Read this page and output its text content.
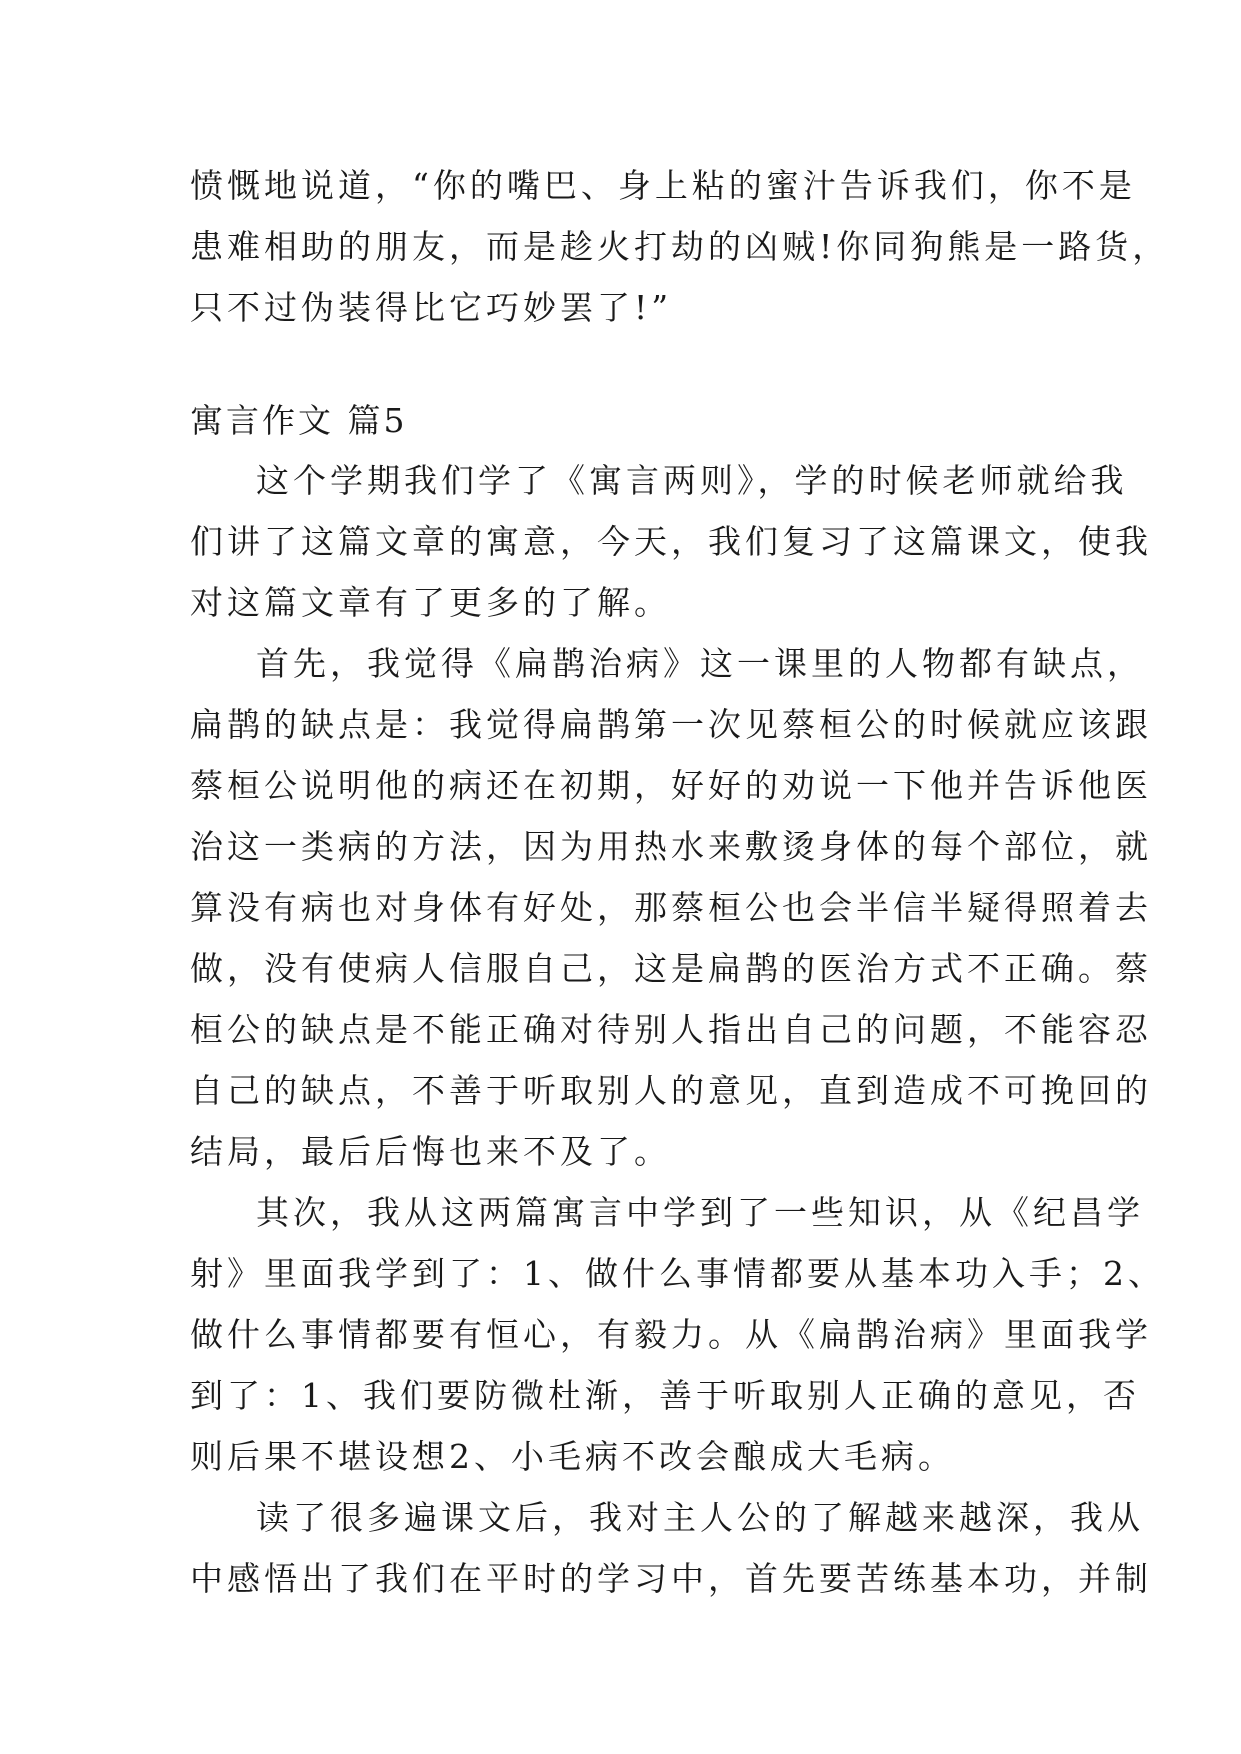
愤慨地说道，“你的嘴巴、身上粘的蜜汁告诉我们，你不是
患难相助的朋友，而是趁火打劫的凶贼!你同狗熊是一路货，
只不过伪装得比它巧妙罢了!”
寓言作文 篇5
这个学期我们学了《寓言两则》，学的时候老师就给我
们讲了这篇文章的寓意，今天，我们复习了这篇课文，使我
对这篇文章有了更多的了解。
首先，我觉得《扁鹊治病》这一课里的人物都有缺点，
扁鹊的缺点是：我觉得扁鹊第一次见蔡桓公的时候就应该跟
蔡桓公说明他的病还在初期，好好的劝说一下他并告诉他医
治这一类病的方法，因为用热水来敷烫身体的每个部位，就
算没有病也对身体有好处，那蔡桓公也会半信半疑得照着去
做，没有使病人信服自己，这是扁鹊的医治方式不正确。蔡
桓公的缺点是不能正确对待别人指出自己的问题，不能容忍
自己的缺点，不善于听取别人的意见，直到造成不可挽回的
结局，最后后悔也来不及了。
其次，我从这两篇寓言中学到了一些知识，从《纪昌学
射》里面我学到了：1、做什么事情都要从基本功入手；2、
做什么事情都要有恒心，有毅力。从《扁鹊治病》里面我学
到了：1、我们要防微杜渐，善于听取别人正确的意见，否
则后果不堪设想2、小毛病不改会酿成大毛病。
读了很多遍课文后，我对主人公的了解越来越深，我从
中感悟出了我们在平时的学习中，首先要苦练基本功，并制
